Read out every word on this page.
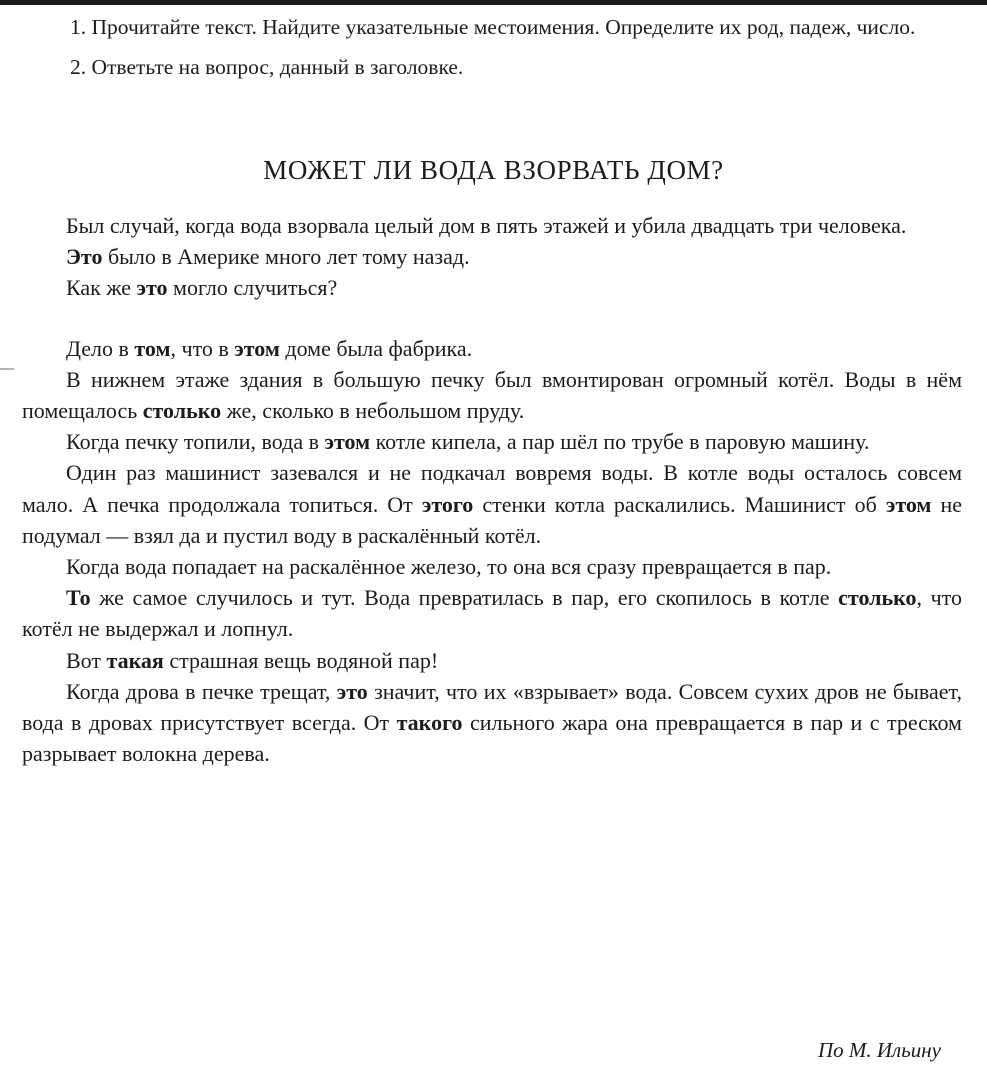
1. Прочитайте текст. Найдите указательные местоимения. Определите их род, падеж, число.

2. Ответьте на вопрос, данный в заголовке.

МОЖЕТ ЛИ ВОДА ВЗОРВАТЬ ДОМ?

Был случай, когда вода взорвала целый дом в пять этажей и убила двадцать три человека.

Это было в Америке много лет тому назад.

Как же это могло случиться?

Дело в том, что в этом доме была фабрика.

В нижнем этаже здания в большую печку был вмонтирован огромный котёл. Воды в нём помещалось столько же, сколько в небольшом пруду.

Когда печку топили, вода в этом котле кипела, а пар шёл по трубе в паровую машину.

Один раз машинист зазевался и не подкачал вовремя воды. В котле воды осталось совсем мало. А печка продолжала топиться. От этого стенки котла раскалились. Машинист об этом не подумал — взял да и пустил воду в раскалённый котёл.

Когда вода попадает на раскалённое железо, то она вся сразу превращается в пар.

То же самое случилось и тут. Вода превратилась в пар, его скопилось в котле столько, что котёл не выдержал и лопнул.

Вот такая страшная вещь водяной пар!

Когда дрова в печке трещат, это значит, что их «взрывает» вода. Совсем сухих дров не бывает, вода в дровах присутствует всегда. От такого сильного жара она превращается в пар и с треском разрывает волокна дерева.

По М. Ильину
